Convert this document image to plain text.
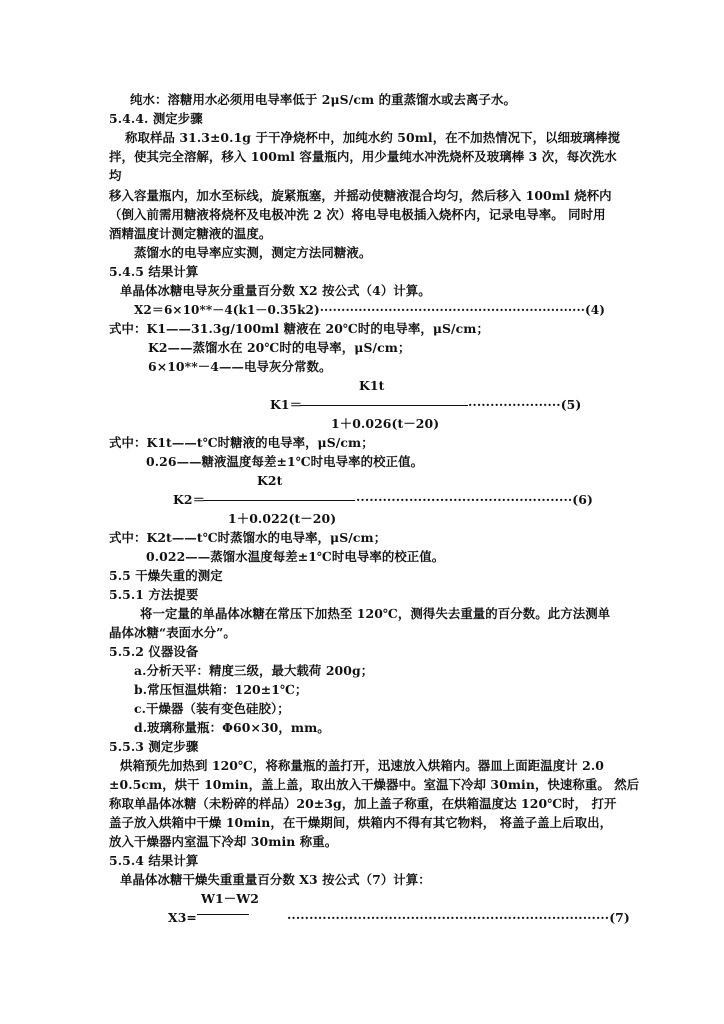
纯水：溶糖用水必须用电导率低于 2μS/cm 的重蒸馏水或去离子水。
5.4.4. 测定步骤
称取样品 31.3±0.1g 于干净烧杯中，加纯水约 50ml，在不加热情况下，以细玻璃棒搅
拌，使其完全溶解，移入 100ml 容量瓶内，用少量纯水冲洗烧杯及玻璃棒 3 次，每次洗水
均
移入容量瓶内，加水至标线，旋紧瓶塞，并摇动使糖液混合均匀，然后移入 100ml 烧杯内
（倒入前需用糖液将烧杯及电极冲洗 2 次）将电导电极插入烧杯内，记录电导率。 同时用
酒精温度计测定糖液的温度。
蒸馏水的电导率应实测，测定方法同糖液。
5.4.5 结果计算
单晶体冰糖电导灰分重量百分数 X2 按公式（4）计算。
X2＝6×10**－4(k1－0.35k2)······························································(4)
式中：K1——31.3g/100ml 糖液在 20℃时的电导率，μS/cm；
K2——蒸馏水在 20℃时的电导率，μS/cm；
6×10**－4——电导灰分常数。
K1t
K1＝	·····················(5)
1＋0.026(t－20)
式中：K1t——t℃时糖液的电导率，μS/cm；
0.26——糖液温度每差±1℃时电导率的校正值。
K2t
K2＝	·················································(6)
1＋0.022(t－20)
式中：K2t——t℃时蒸馏水的电导率，μS/cm；
0.022——蒸馏水温度每差±1℃时电导率的校正值。
5.5 干燥失重的测定
5.5.1 方法提要
将一定量的单晶体冰糖在常压下加热至 120℃，测得失去重量的百分数。此方法测单
晶体冰糖“表面水分”。
5.5.2 仪器设备
a.分析天平：精度三级，最大载荷 200g；
b.常压恒温烘箱：120±1℃；
c.干燥器（装有变色硅胶）；
d.玻璃称量瓶：Φ60×30，mm。
5.5.3 测定步骤
烘箱预先加热到 120℃，将称量瓶的盖打开，迅速放入烘箱内。器皿上面距温度计 2.0
±0.5cm，烘干 10min，盖上盖，取出放入干燥器中。室温下冷却 30min，快速称重。 然后
称取单晶体冰糖（未粉碎的样品）20±3g，加上盖子称重，在烘箱温度达 120℃时， 打开
盖子放入烘箱中干燥 10min，在干燥期间，烘箱内不得有其它物料， 将盖子盖上后取出，
放入干燥器内室温下冷却 30min 称重。
5.5.4 结果计算
单晶体冰糖干燥失重重量百分数 X3 按公式（7）计算：
W1－W2
X3=	·········································································(7)
